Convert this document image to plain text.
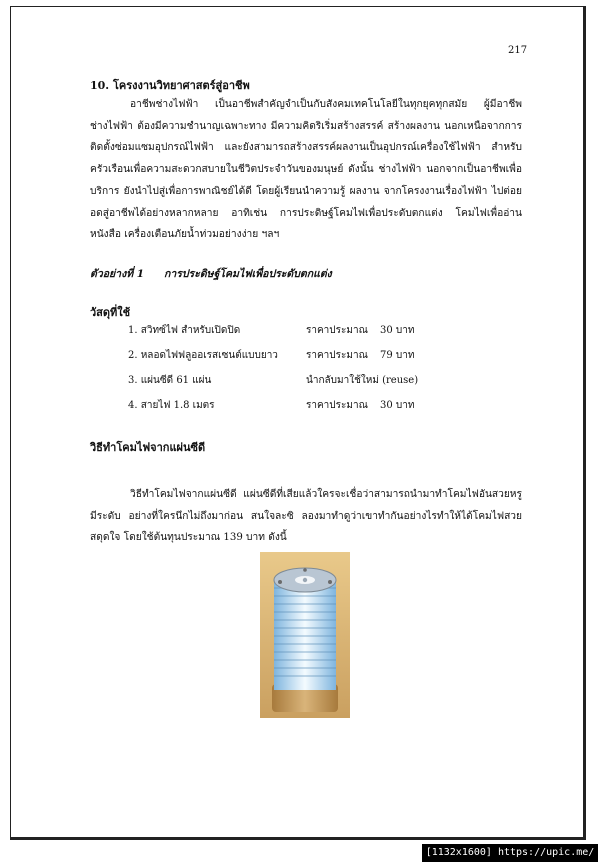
217
10. โครงงานวิทยาศาสตร์สู่อาชีพ
อาชีพช่างไฟฟ้า เป็นอาชีพสำคัญจำเป็นกับสังคมเทคโนโลยีในทุกยุคทุกสมัย ผู้มีอาชีพช่างไฟฟ้า ต้องมีความชำนาญเฉพาะทาง มีความคิดริเริ่มสร้างสรรค์ สร้างผลงาน นอกเหนือจากการติดตั้งซ่อมแซมอุปกรณ์ไฟฟ้า และยังสามารถสร้างสรรค์ผลงานเป็นอุปกรณ์เครื่องใช้ไฟฟ้า สำหรับครัวเรือนเพื่อความสะดวกสบายในชีวิตประจำวันของมนุษย์ ดังนั้น ช่างไฟฟ้า นอกจากเป็นอาชีพเพื่อบริการ ยังนำไปสู่เพื่อการพาณิชย์ได้ดี โดยผู้เรียนนำความรู้ ผลงาน จากโครงงานเรื่องไฟฟ้า ไปต่อยอดสู่อาชีพได้อย่างหลากหลาย อาทิเช่น การประดิษฐ์โคมไฟเพื่อประดับตกแต่ง โคมไฟเพื่ออ่านหนังสือ เครื่องเตือนภัยน้ำท่วมอย่างง่าย ฯลฯ
ตัวอย่างที่ 1 การประดิษฐ์โคมไฟเพื่อประดับตกแต่ง
วัสดุที่ใช้
1. สวิทซ์ไฟ สำหรับเปิดปิด	ราคาประมาณ 30 บาท
2. หลอดไฟฟลูออเรสเซนต์แบบยาว	ราคาประมาณ 79 บาท
3. แผ่นซีดี 61 แผ่น	นำกลับมาใช้ใหม่ (reuse)
4. สายไฟ 1.8 เมตร	ราคาประมาณ 30 บาท
วิธีทำโคมไฟจากแผ่นซีดี
วิธีทำโคมไฟจากแผ่นซีดี แผ่นซีดีที่เสียแล้วใครจะเชื่อว่าสามารถนำมาทำโคมไฟอันสวยหรูมีระดับ อย่างที่ใครนึกไม่ถึงมาก่อน สนใจละซิ ลองมาทำดูว่าเขาทำกันอย่างไรทำให้ได้โคมไฟสวยสดุดใจ โดยใช้ต้นทุนประมาณ 139 บาท ดังนี้
[1132x1600] https://upic.me/
